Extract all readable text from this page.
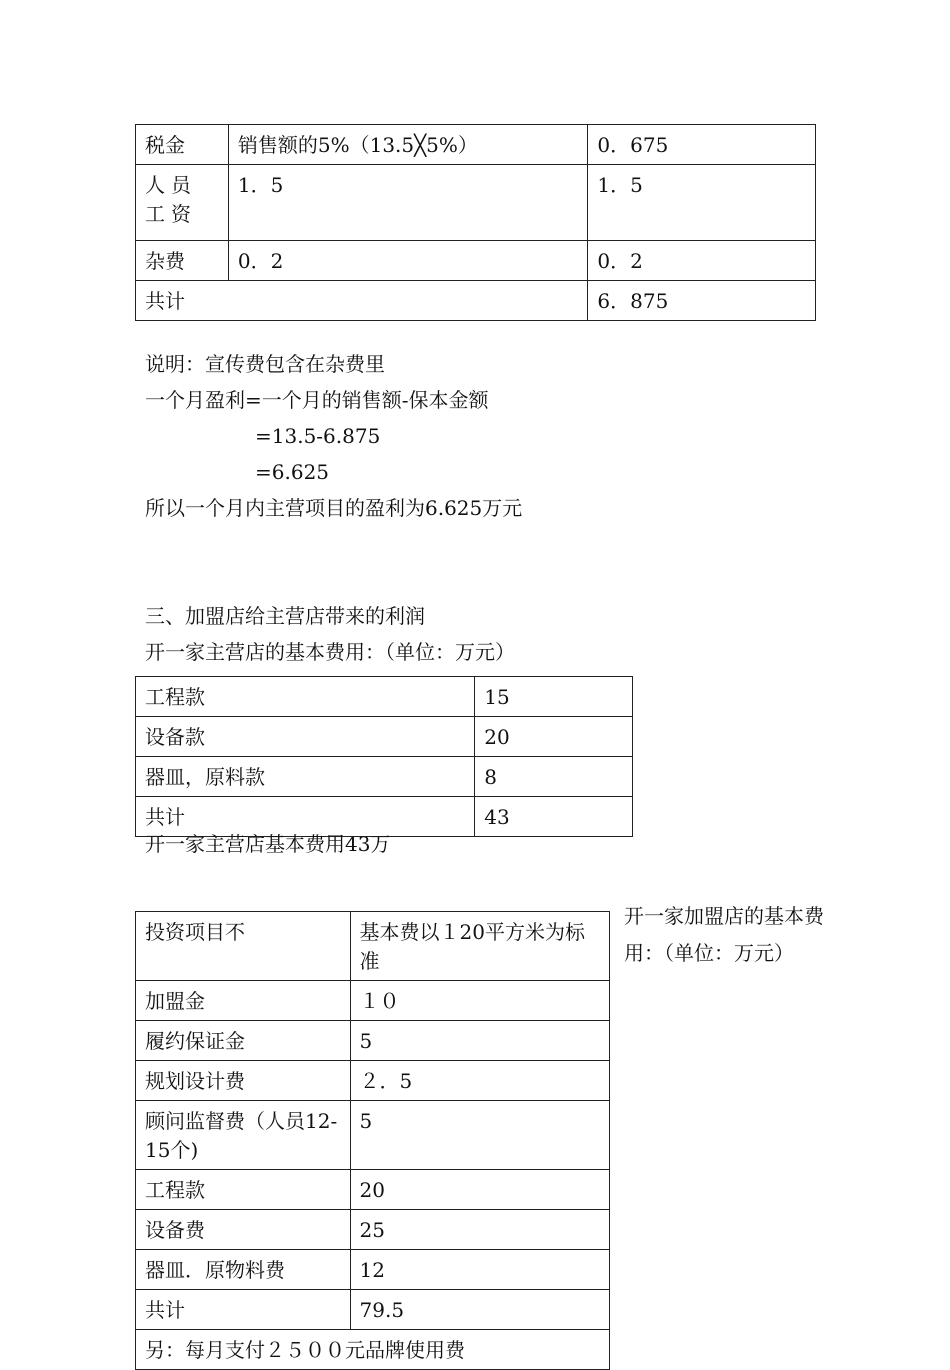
税金	销售额的5%（13.5╳5%）	0．675
人员工资	1．5	1．5
杂费	0．2	0．2
共计		6．875
说明：宣传费包含在杂费里
一个月盈利=一个月的销售额-保本金额
=13.5-6.875
=6.625
所以一个月内主营项目的盈利为6.625万元
三、加盟店给主营店带来的利润
开一家主营店的基本费用：（单位：万元）
工程款	15
设备款	20
器皿，原料款	8
共计	43
开一家主营店基本费用43万
开一家加盟店的基本费用：（单位：万元）
投资项目不	基本费以１20平方米为标准
加盟金	１０
履约保证金	5
规划设计费	２．5
顾问监督费（人员12-15个)	5
工程款	20
设备费	25
器皿．原物料费	12
共计	79.5
另：每月支付２５００元品牌使用费	
